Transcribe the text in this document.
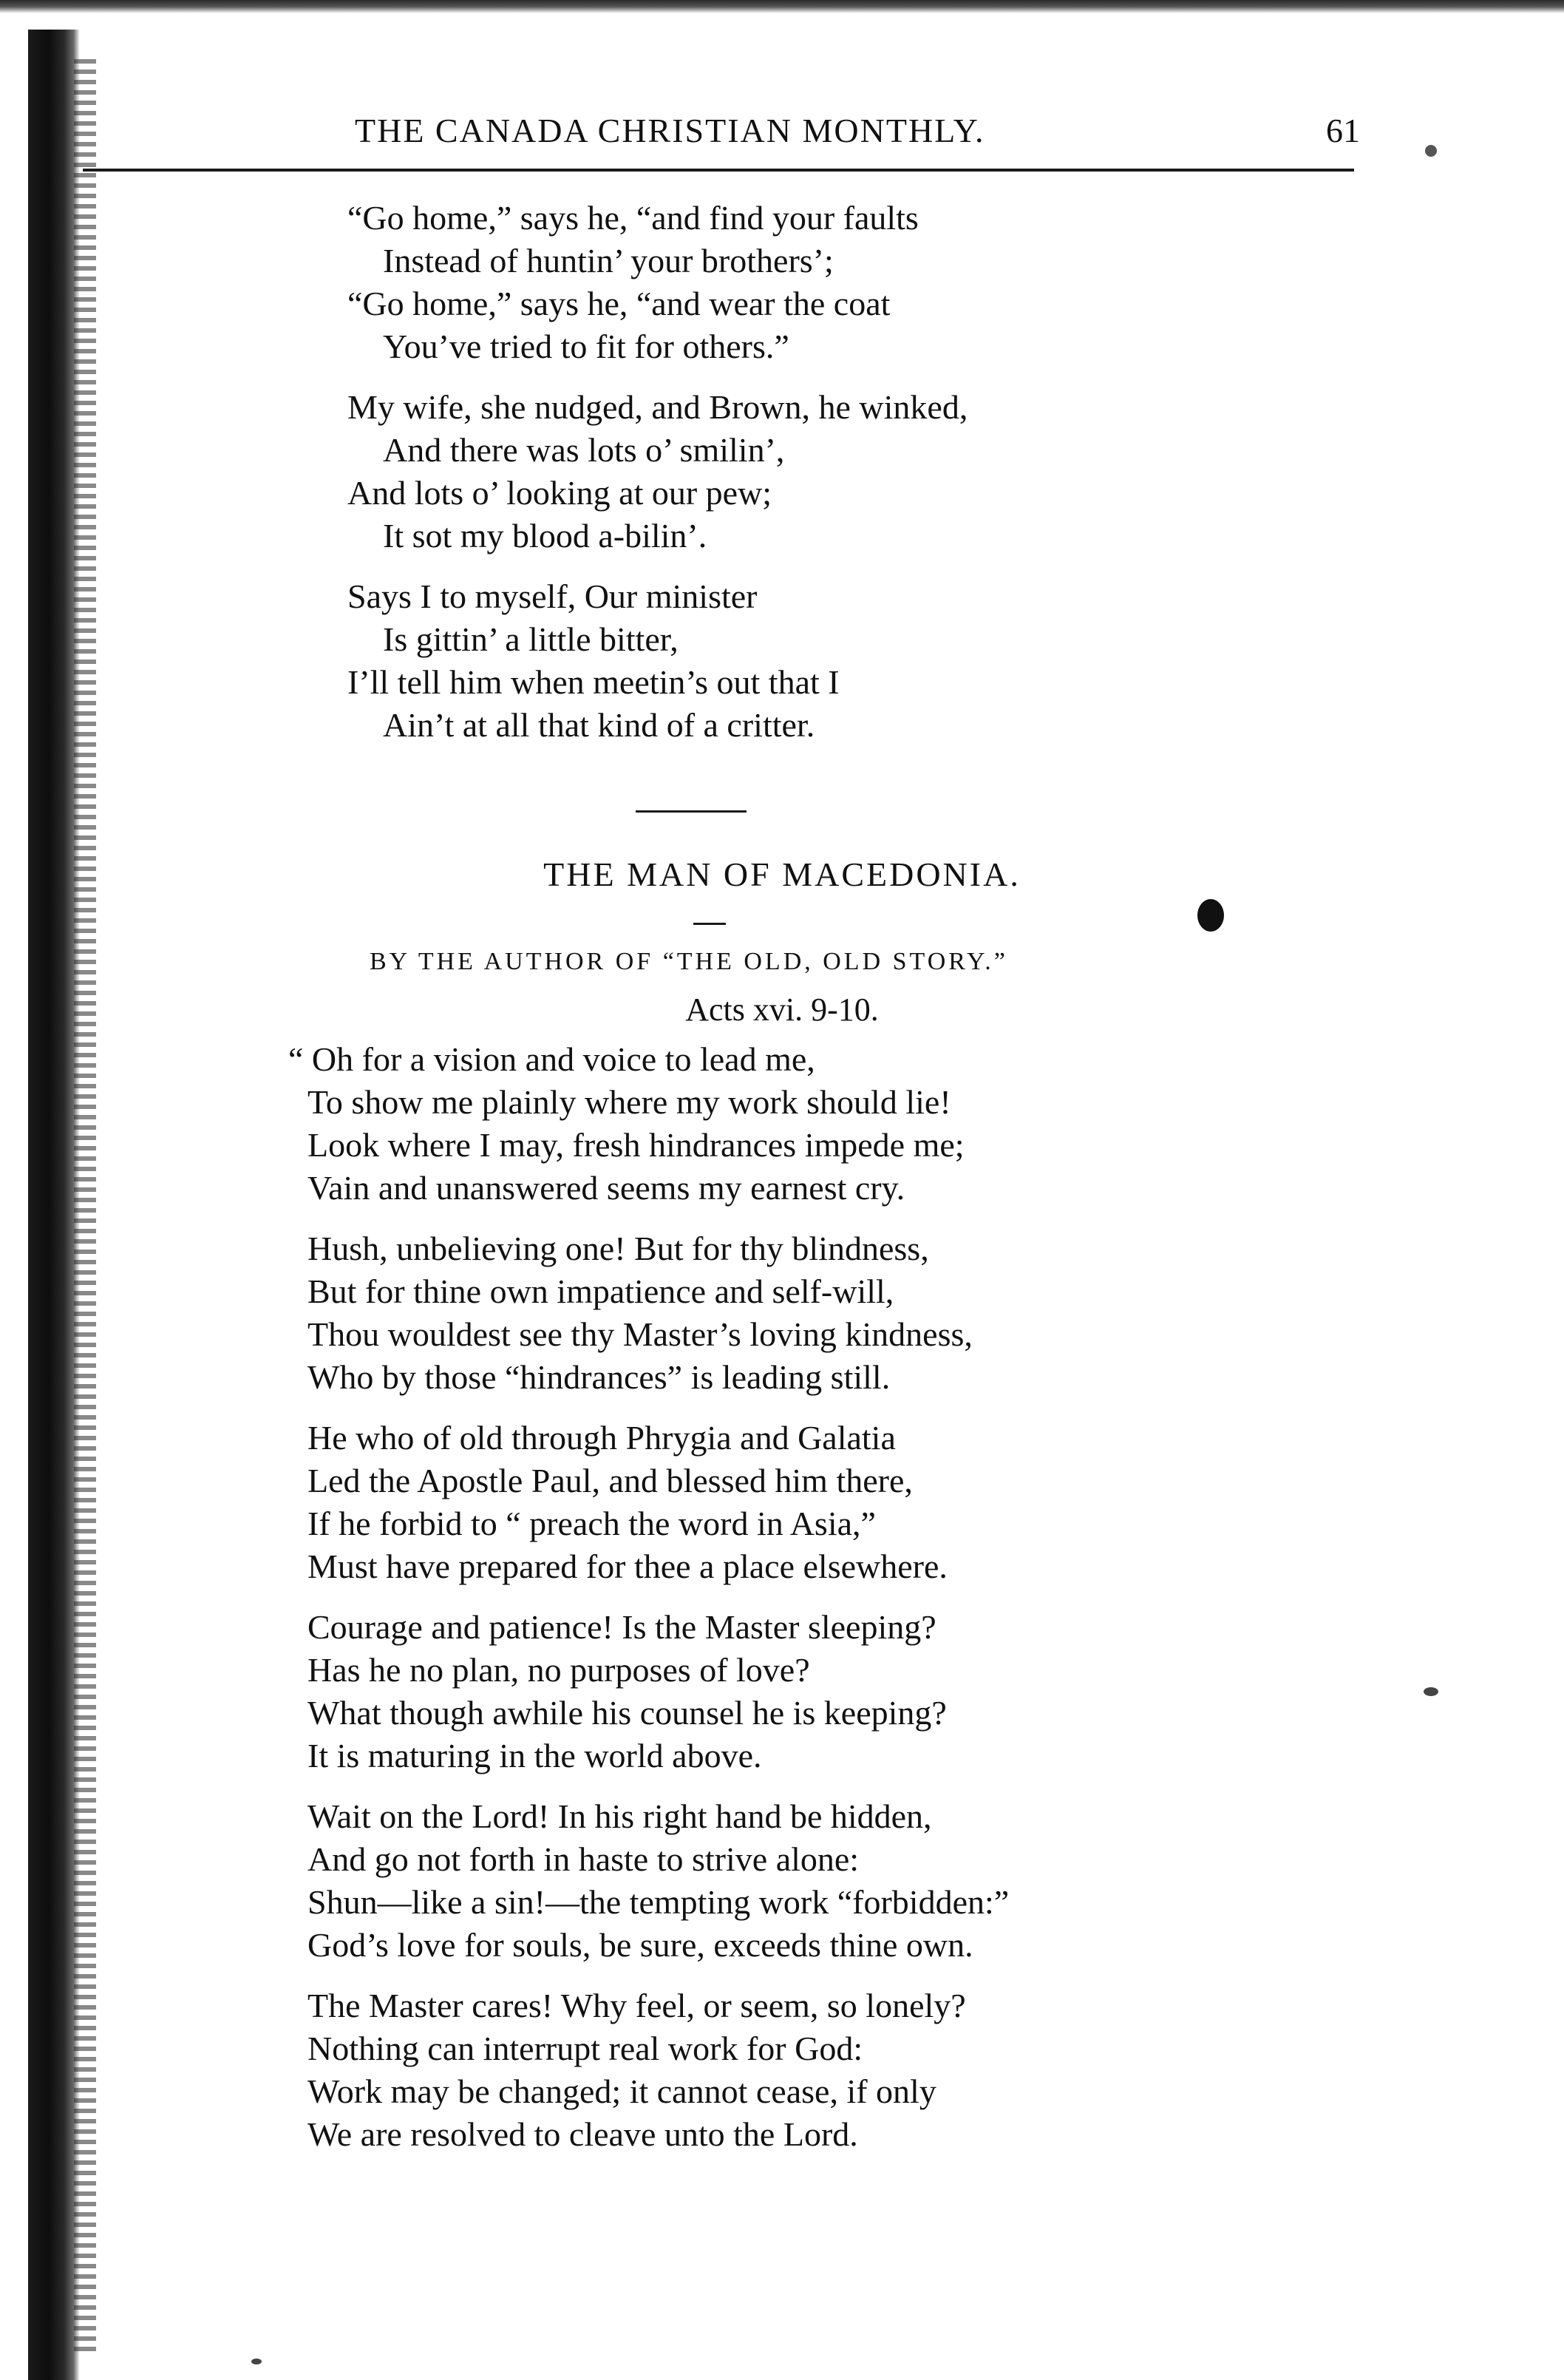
THE CANADA CHRISTIAN MONTHLY.	61
“Go home,” says he, “and find your faults
Instead of huntin’ your brothers’;
“Go home,” says he, “and wear the coat
You’ve tried to fit for others.”
My wife, she nudged, and Brown, he winked,
And there was lots o’ smilin’,
And lots o’ looking at our pew;
It sot my blood a-bilin’.
Says I to myself, Our minister
Is gittin’ a little bitter,
I’ll tell him when meetin’s out that I
Ain’t at all that kind of a critter.
THE MAN OF MACEDONIA.
BY THE AUTHOR OF “THE OLD, OLD STORY.”
Acts xvi. 9-10.
“ Oh for a vision and voice to lead me,
To show me plainly where my work should lie!
Look where I may, fresh hindrances impede me;
Vain and unanswered seems my earnest cry.
Hush, unbelieving one! But for thy blindness,
But for thine own impatience and self-will,
Thou wouldest see thy Master’s loving kindness,
Who by those “hindrances” is leading still.
He who of old through Phrygia and Galatia
Led the Apostle Paul, and blessed him there,
If he forbid to “ preach the word in Asia,”
Must have prepared for thee a place elsewhere.
Courage and patience! Is the Master sleeping?
Has he no plan, no purposes of love?
What though awhile his counsel he is keeping?
It is maturing in the world above.
Wait on the Lord! In his right hand be hidden,
And go not forth in haste to strive alone:
Shun—like a sin!—the tempting work “forbidden:”
God’s love for souls, be sure, exceeds thine own.
The Master cares! Why feel, or seem, so lonely?
Nothing can interrupt real work for God:
Work may be changed; it cannot cease, if only
We are resolved to cleave unto the Lord.
